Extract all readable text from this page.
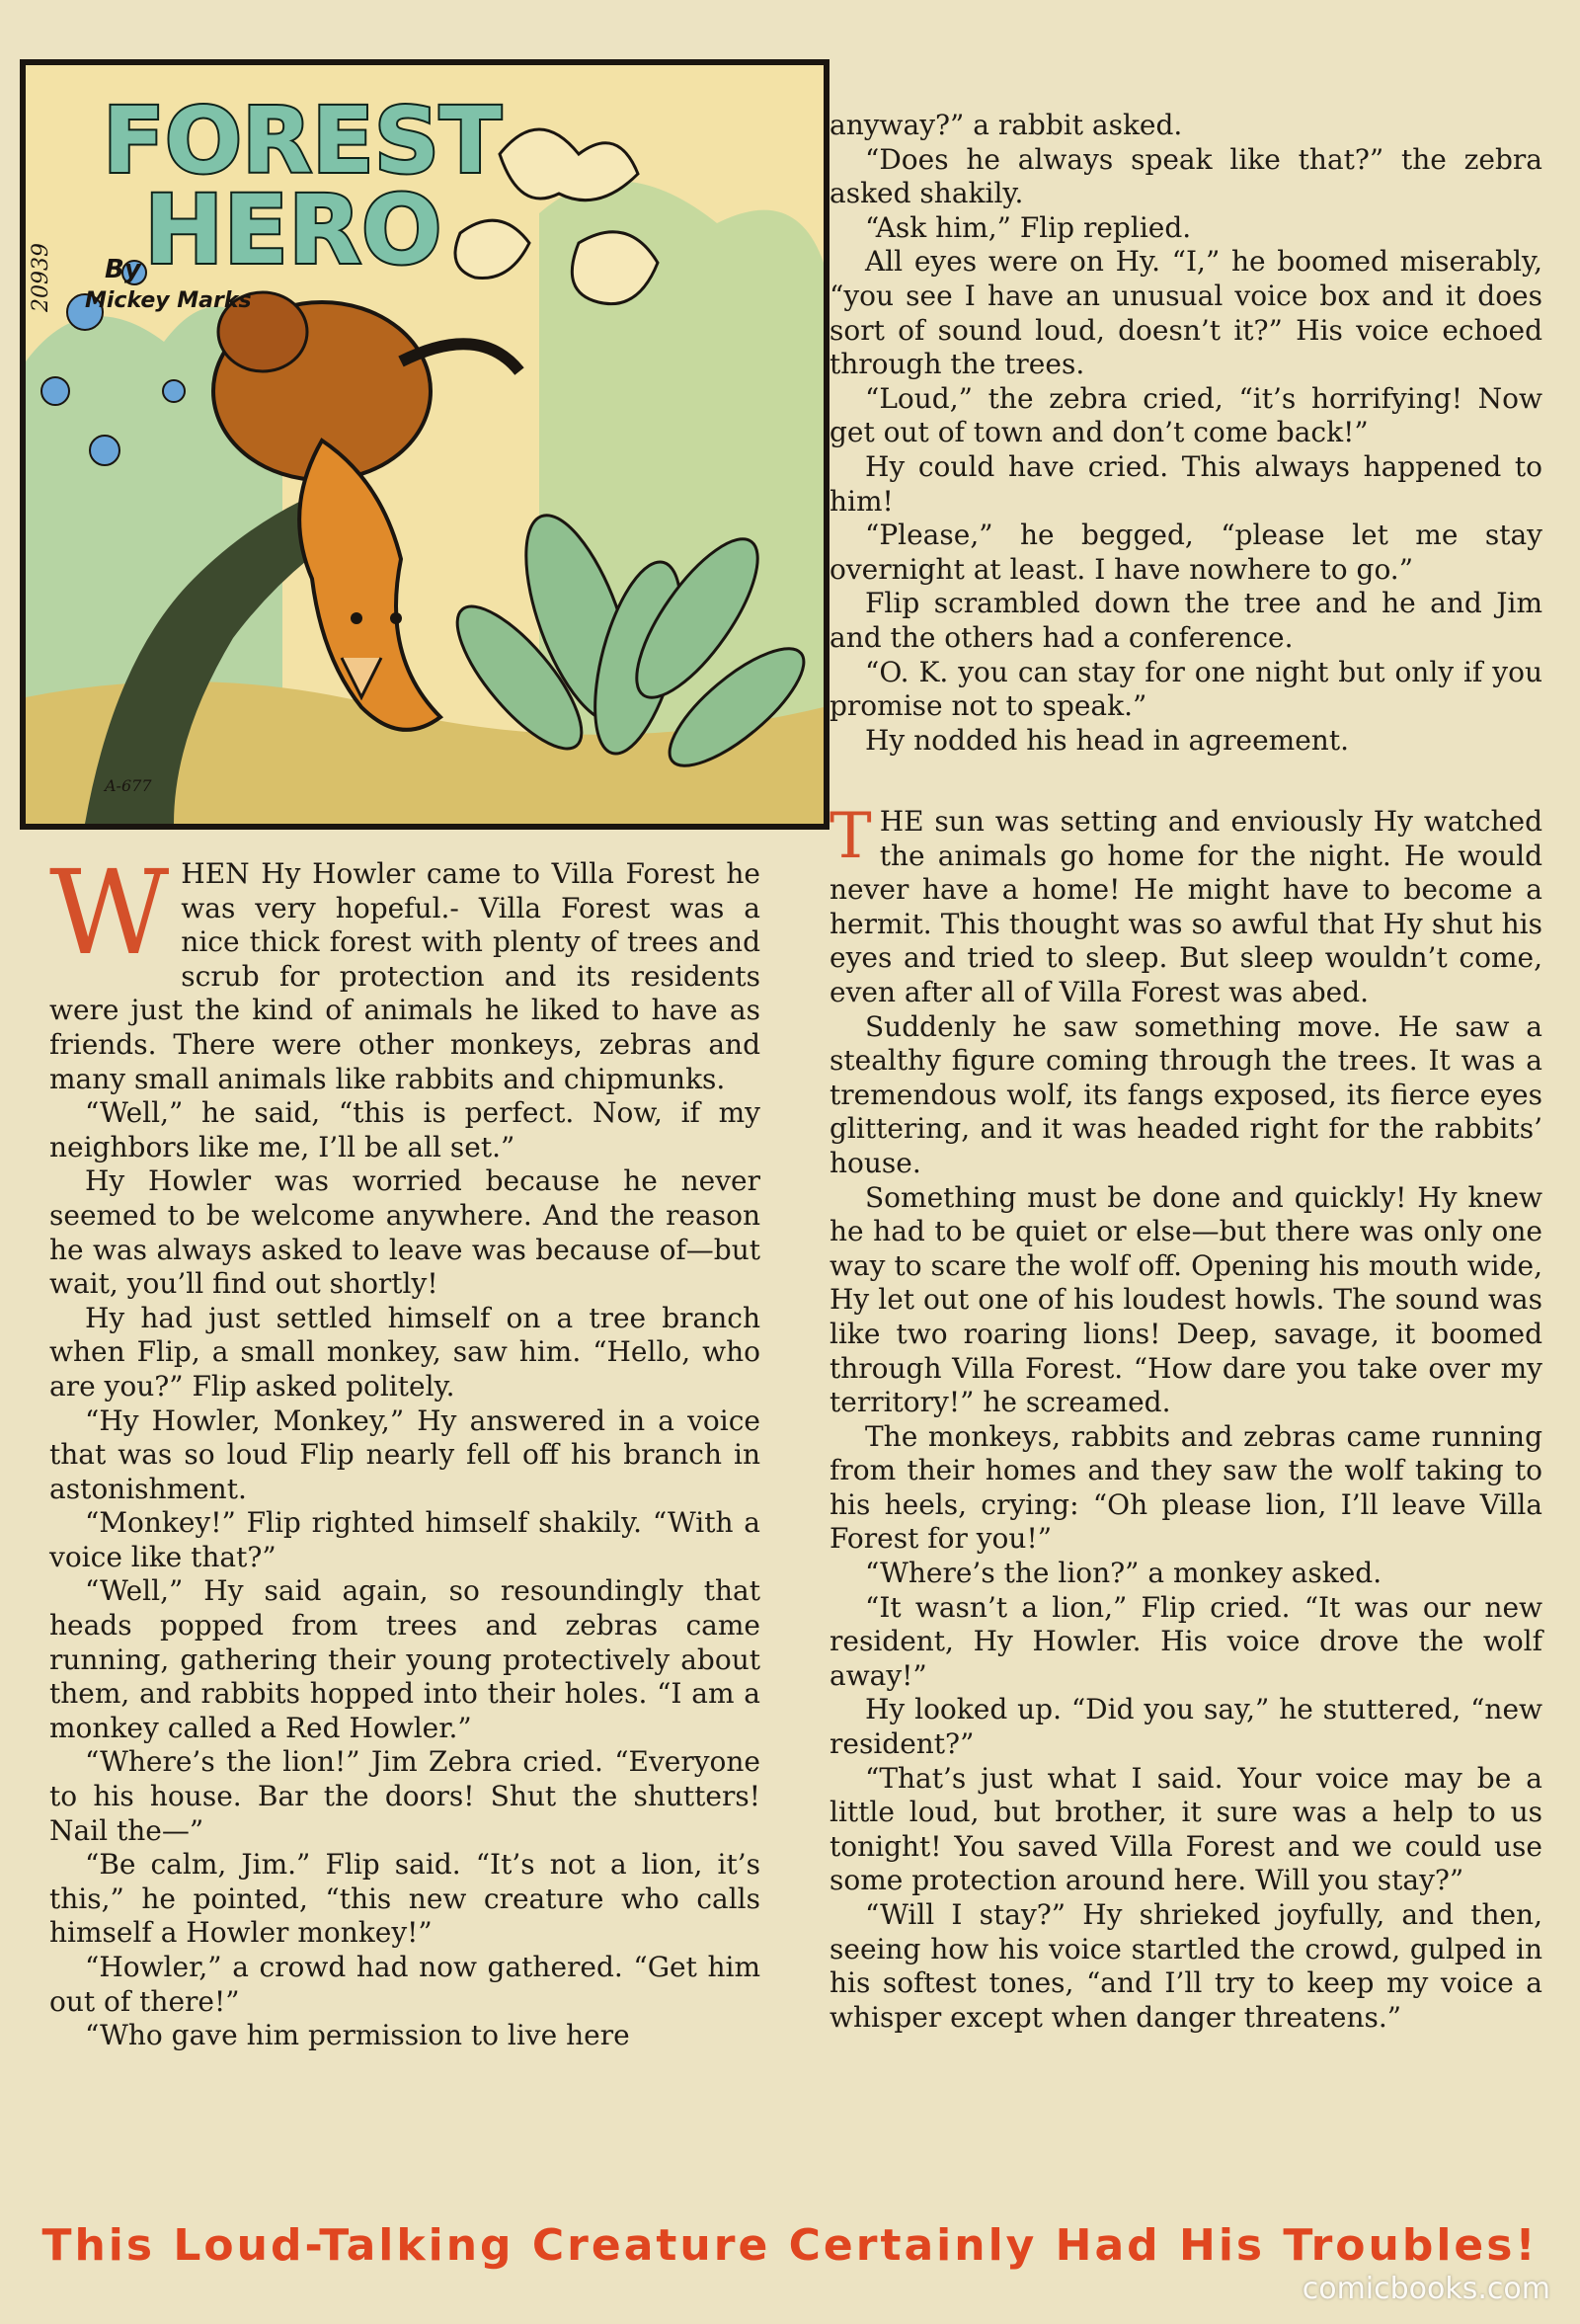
FOREST
HERO
By
Mickey Marks
20939
A-677

anyway?” a rabbit asked.

“Does he always speak like that?” the zebra asked shakily.

“Ask him,” Flip replied.

All eyes were on Hy. “I,” he boomed miserably, “you see I have an unusual voice box and it does sort of sound loud, doesn’t it?” His voice echoed through the trees.

“Loud,” the zebra cried, “it’s horrifying! Now get out of town and don’t come back!”

Hy could have cried. This always happened to him!

“Please,” he begged, “please let me stay overnight at least. I have nowhere to go.”

Flip scrambled down the tree and he and Jim and the others had a conference.

“O. K. you can stay for one night but only if you promise not to speak.”

Hy nodded his head in agreement.

W HEN Hy Howler came to Villa Forest he was very hopeful.- Villa Forest was a nice thick forest with plenty of trees and scrub for protection and its residents were just the kind of animals he liked to have as friends. There were other monkeys, zebras and many small animals like rabbits and chipmunks.

“Well,” he said, “this is perfect. Now, if my neighbors like me, I’ll be all set.”

Hy Howler was worried because he never seemed to be welcome anywhere. And the reason he was always asked to leave was because of—but wait, you’ll find out shortly!

Hy had just settled himself on a tree branch when Flip, a small monkey, saw him. “Hello, who are you?” Flip asked politely.

“Hy Howler, Monkey,” Hy answered in a voice that was so loud Flip nearly fell off his branch in astonishment.

“Monkey!” Flip righted himself shakily. “With a voice like that?”

“Well,” Hy said again, so resoundingly that heads popped from trees and zebras came running, gathering their young protectively about them, and rabbits hopped into their holes. “I am a monkey called a Red Howler.”

“Where’s the lion!” Jim Zebra cried. “Everyone to his house. Bar the doors! Shut the shutters! Nail the—”

“Be calm, Jim.” Flip said. “It’s not a lion, it’s this,” he pointed, “this new creature who calls himself a Howler monkey!”

“Howler,” a crowd had now gathered. “Get him out of there!”

“Who gave him permission to live here

T HE sun was setting and enviously Hy watched the animals go home for the night. He would never have a home! He might have to become a hermit. This thought was so awful that Hy shut his eyes and tried to sleep. But sleep wouldn’t come, even after all of Villa Forest was abed.

Suddenly he saw something move. He saw a stealthy figure coming through the trees. It was a tremendous wolf, its fangs exposed, its fierce eyes glittering, and it was headed right for the rabbits’ house.

Something must be done and quickly! Hy knew he had to be quiet or else—but there was only one way to scare the wolf off. Opening his mouth wide, Hy let out one of his loudest howls. The sound was like two roaring lions! Deep, savage, it boomed through Villa Forest. “How dare you take over my territory!” he screamed.

The monkeys, rabbits and zebras came running from their homes and they saw the wolf taking to his heels, crying: “Oh please lion, I’ll leave Villa Forest for you!”

“Where’s the lion?” a monkey asked.

“It wasn’t a lion,” Flip cried. “It was our new resident, Hy Howler. His voice drove the wolf away!”

Hy looked up. “Did you say,” he stuttered, “new resident?”

“That’s just what I said. Your voice may be a little loud, but brother, it sure was a help to us tonight! You saved Villa Forest and we could use some protection around here. Will you stay?”

“Will I stay?” Hy shrieked joyfully, and then, seeing how his voice startled the crowd, gulped in his softest tones, “and I’ll try to keep my voice a whisper except when danger threatens.”

This Loud-Talking Creature Certainly Had His Troubles!
comicbooks.com
